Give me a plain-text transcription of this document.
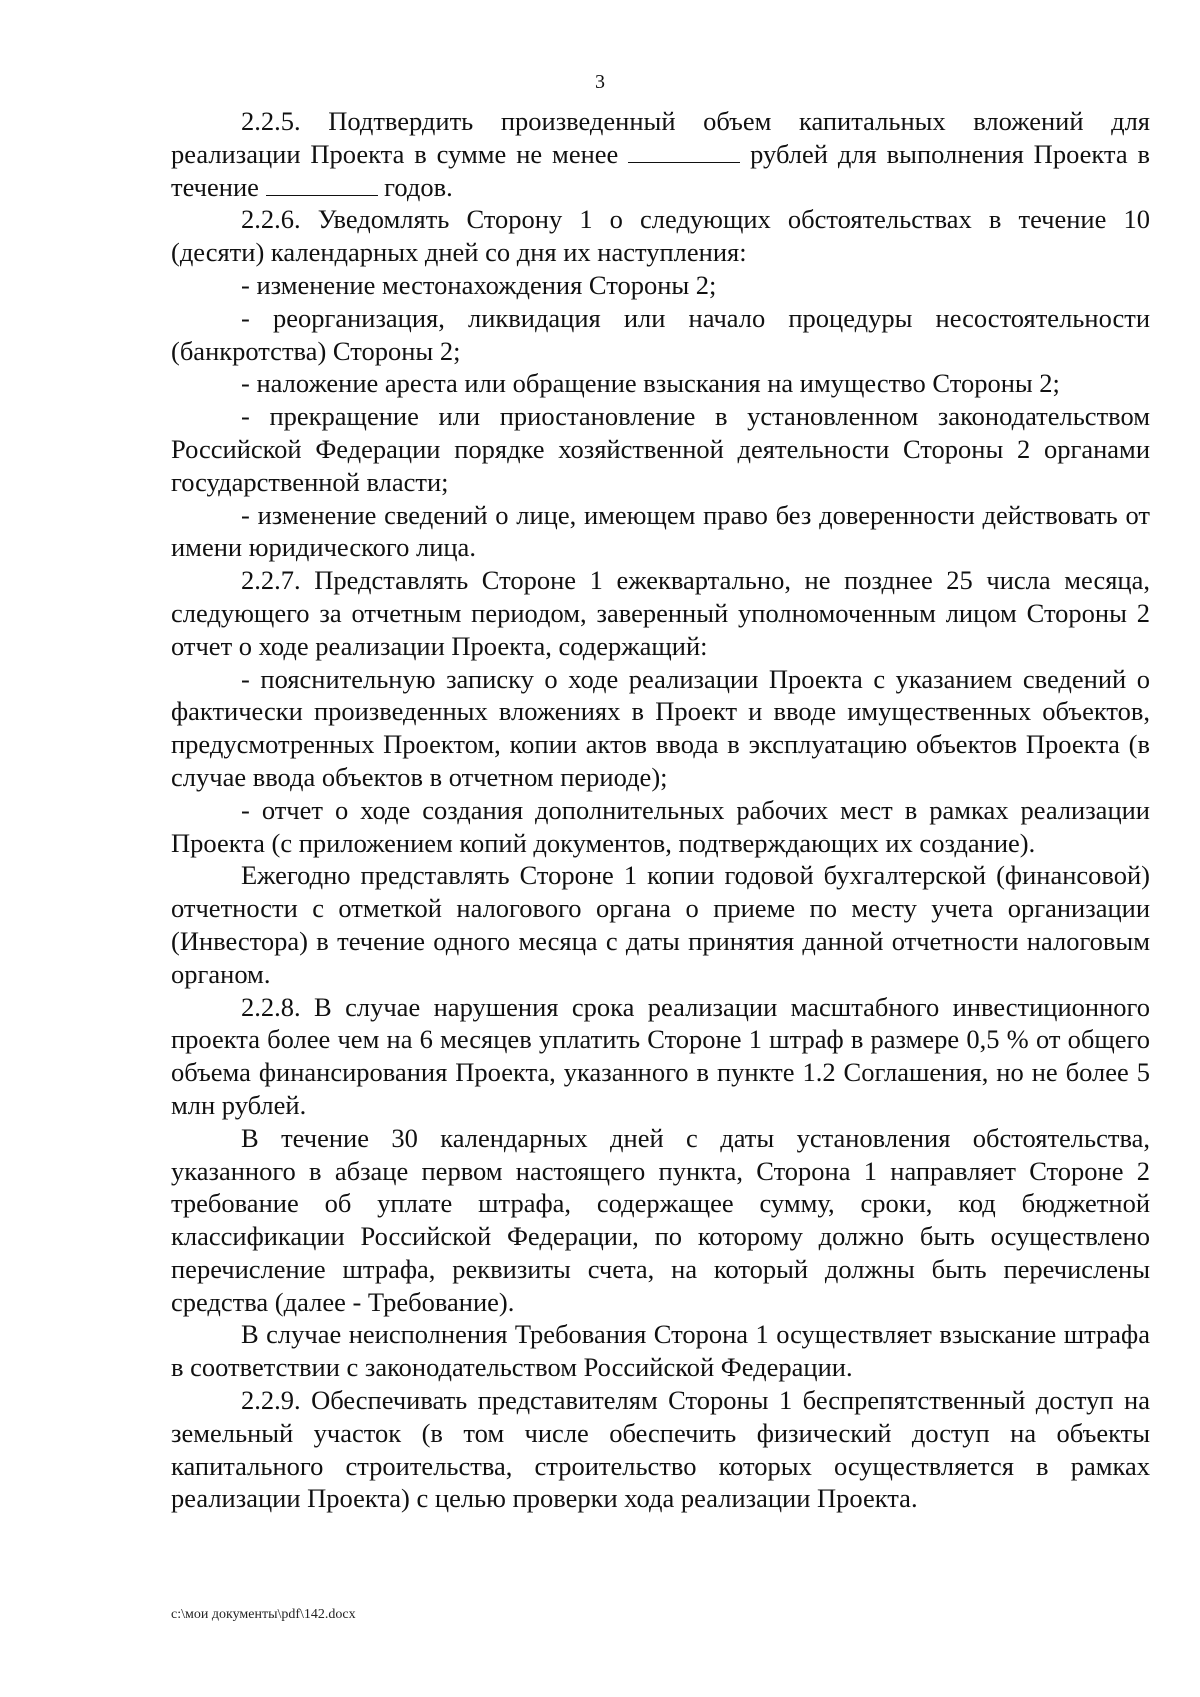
3

2.2.5. Подтвердить произведенный объем капитальных вложений для реализации Проекта в сумме не менее	рублей для выполнения Проекта в течение	годов.

2.2.6. Уведомлять Сторону 1 о следующих обстоятельствах в течение 10 (десяти) календарных дней со дня их наступления:

- изменение местонахождения Стороны 2;

- реорганизация, ликвидация или начало процедуры несостоятельности (банкротства) Стороны 2;

- наложение ареста или обращение взыскания на имущество Стороны 2;

- прекращение или приостановление в установленном законодательством Российской Федерации порядке хозяйственной деятельности Стороны 2 органами государственной власти;

- изменение сведений о лице, имеющем право без доверенности действовать от имени юридического лица.

2.2.7. Представлять Стороне 1 ежеквартально, не позднее 25 числа месяца, следующего за отчетным периодом, заверенный уполномоченным лицом Стороны 2 отчет о ходе реализации Проекта, содержащий:

- пояснительную записку о ходе реализации Проекта с указанием сведений о фактически произведенных вложениях в Проект и вводе имущественных объектов, предусмотренных Проектом, копии актов ввода в эксплуатацию объектов Проекта (в случае ввода объектов в отчетном периоде);

- отчет о ходе создания дополнительных рабочих мест в рамках реализации Проекта (с приложением копий документов, подтверждающих их создание).

Ежегодно представлять Стороне 1 копии годовой бухгалтерской (финансовой) отчетности с отметкой налогового органа о приеме по месту учета организации (Инвестора) в течение одного месяца с даты принятия данной отчетности налоговым органом.

2.2.8. В случае нарушения срока реализации масштабного инвестиционного проекта более чем на 6 месяцев уплатить Стороне 1 штраф в размере 0,5 % от общего объема финансирования Проекта, указанного в пункте 1.2 Соглашения, но не более 5 млн рублей.

В течение 30 календарных дней с даты установления обстоятельства, указанного в абзаце первом настоящего пункта, Сторона 1 направляет Стороне 2 требование об уплате штрафа, содержащее сумму, сроки, код бюджетной классификации Российской Федерации, по которому должно быть осуществлено перечисление штрафа, реквизиты счета, на который должны быть перечислены средства (далее - Требование).

В случае неисполнения Требования Сторона 1 осуществляет взыскание штрафа в соответствии с законодательством Российской Федерации.

2.2.9. Обеспечивать представителям Стороны 1 беспрепятственный доступ на земельный участок (в том числе обеспечить физический доступ на объекты капитального строительства, строительство которых осуществляется в рамках реализации Проекта) с целью проверки хода реализации Проекта.

c:\мои документы\pdf\142.docx
